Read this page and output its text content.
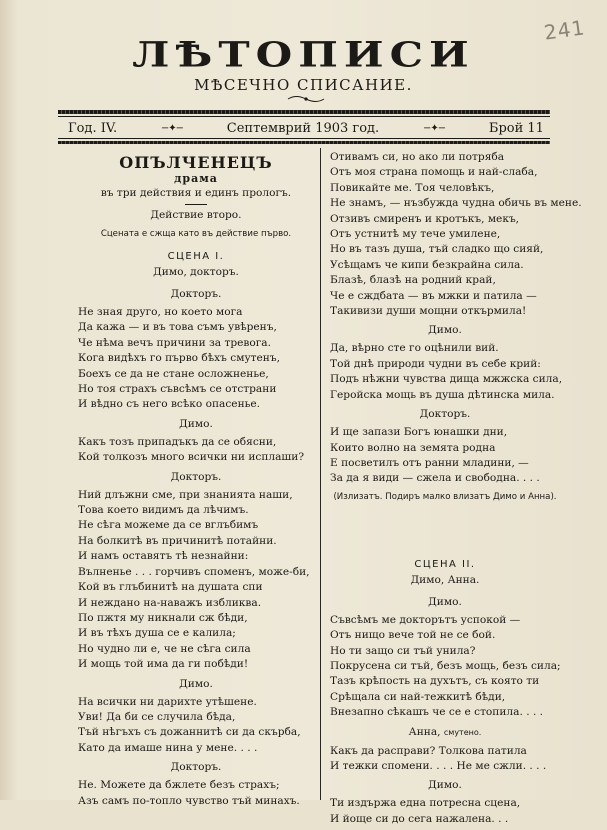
241
ЛѢТОПИСИ
МѢСЕЧНО СПИСАНИЕ.
Год. IV.	−✦−	Септемврий 1903 год.	−✦−	Брой 11
ОПЪЛЧЕНЕЦЪ
драма
въ три действия и единъ прологъ.
Действие второ.
Сцената е сжща като въ действие първо.
СЦЕНА I.
Димо, докторъ.
Докторъ.
Не зная друго, но което мога
Да кажа — и въ това съмъ увѣренъ,
Че нѣма вечъ причини за тревога.
Кога видѣхъ го първо бѣхъ смутенъ,
Боехъ се да не стане осложненье,
Но тоя страхъ съвсѣмъ се отстрани
И вѣдно съ него всѣко опасенье.
Димо.
Какъ тозъ припадъкъ да се обясни,
Кой толкозъ много всички ни исплаши?
Докторъ.
Ний длъжни сме, при знанията наши,
Това което видимъ да лѣчимъ.
Не сѣга можеме да се вглъбимъ
На болкитѣ въ причинитѣ потайни.
И намъ оставятъ тѣ незнайни:
Вълненье . . . горчивъ споменъ, може-би,
Кой въ глъбинитѣ на душата спи
И неждано на-наважъ избликва.
По пжтя му никнали сж бѣди,
И въ тѣхъ душа се е калила;
Но чудно ли е, че не сѣга сила
И мощь той има да ги побѣди!
Димо.
На всички ни дарихте утѣшене.
Уви! Да би се случила бѣда,
Тъй нѣгъхъ съ дожаннитѣ си да скърба,
Като да имаше нина у мене. . . .
Докторъ.
Не. Можете да бжлете безъ страхъ;
Азъ самъ по-топло чувство тъй минахъ.
Отивамъ си, но ако ли потряба
Отъ моя страна помощь и най-слаба,
Повикайте ме. Тоя человѣкъ,
Не знамъ, — нъзбужда чудна обичь въ мене.
Отзивъ смиренъ и кротъкъ, мекъ,
Отъ устнитѣ му тече умилене,
Но въ тазъ душа, тъй сладко що сияй,
Усѣщамъ че кипи безкрайна сила.
Блазѣ, блазѣ на родний край,
Че е сждбата — въ мжки и патила —
Такивизи души мощни откърмила!
Димо.
Да, вѣрно сте го оцѣнили вий.
Той днѣ природи чудни въ себе крий:
Подъ нѣжни чувства дища мжжска сила,
Геройска мощь въ душа дѣтинска мила.
Докторъ.
И ще запази Богъ юнашки дни,
Които волно на земята родна
Е посветилъ отъ ранни младини, —
За да я види — сжела и свободна. . . .
(Излизатъ. Подиръ малко влизатъ Димо и Анна).
СЦЕНА II.
Димо, Анна.
Димо.
Съвсѣмъ ме докторътъ успокой —
Отъ нищо вече той не се бой.
Но ти защо си тъй унила?
Покрусена си тъй, безъ мощь, безъ сила;
Тазъ крѣпость на духътъ, съ която ти
Срѣщала си най-тежкитѣ бѣди,
Внезапно сѣкашъ че се е стопила. . . .
Анна, смутено.
Какъ да расправи? Толкова патила
И тежки спомени. . . . Не ме сжли. . . .
Димо.
Ти издържа една потресна сцена,
И йоще си до сега нажалена. . .
